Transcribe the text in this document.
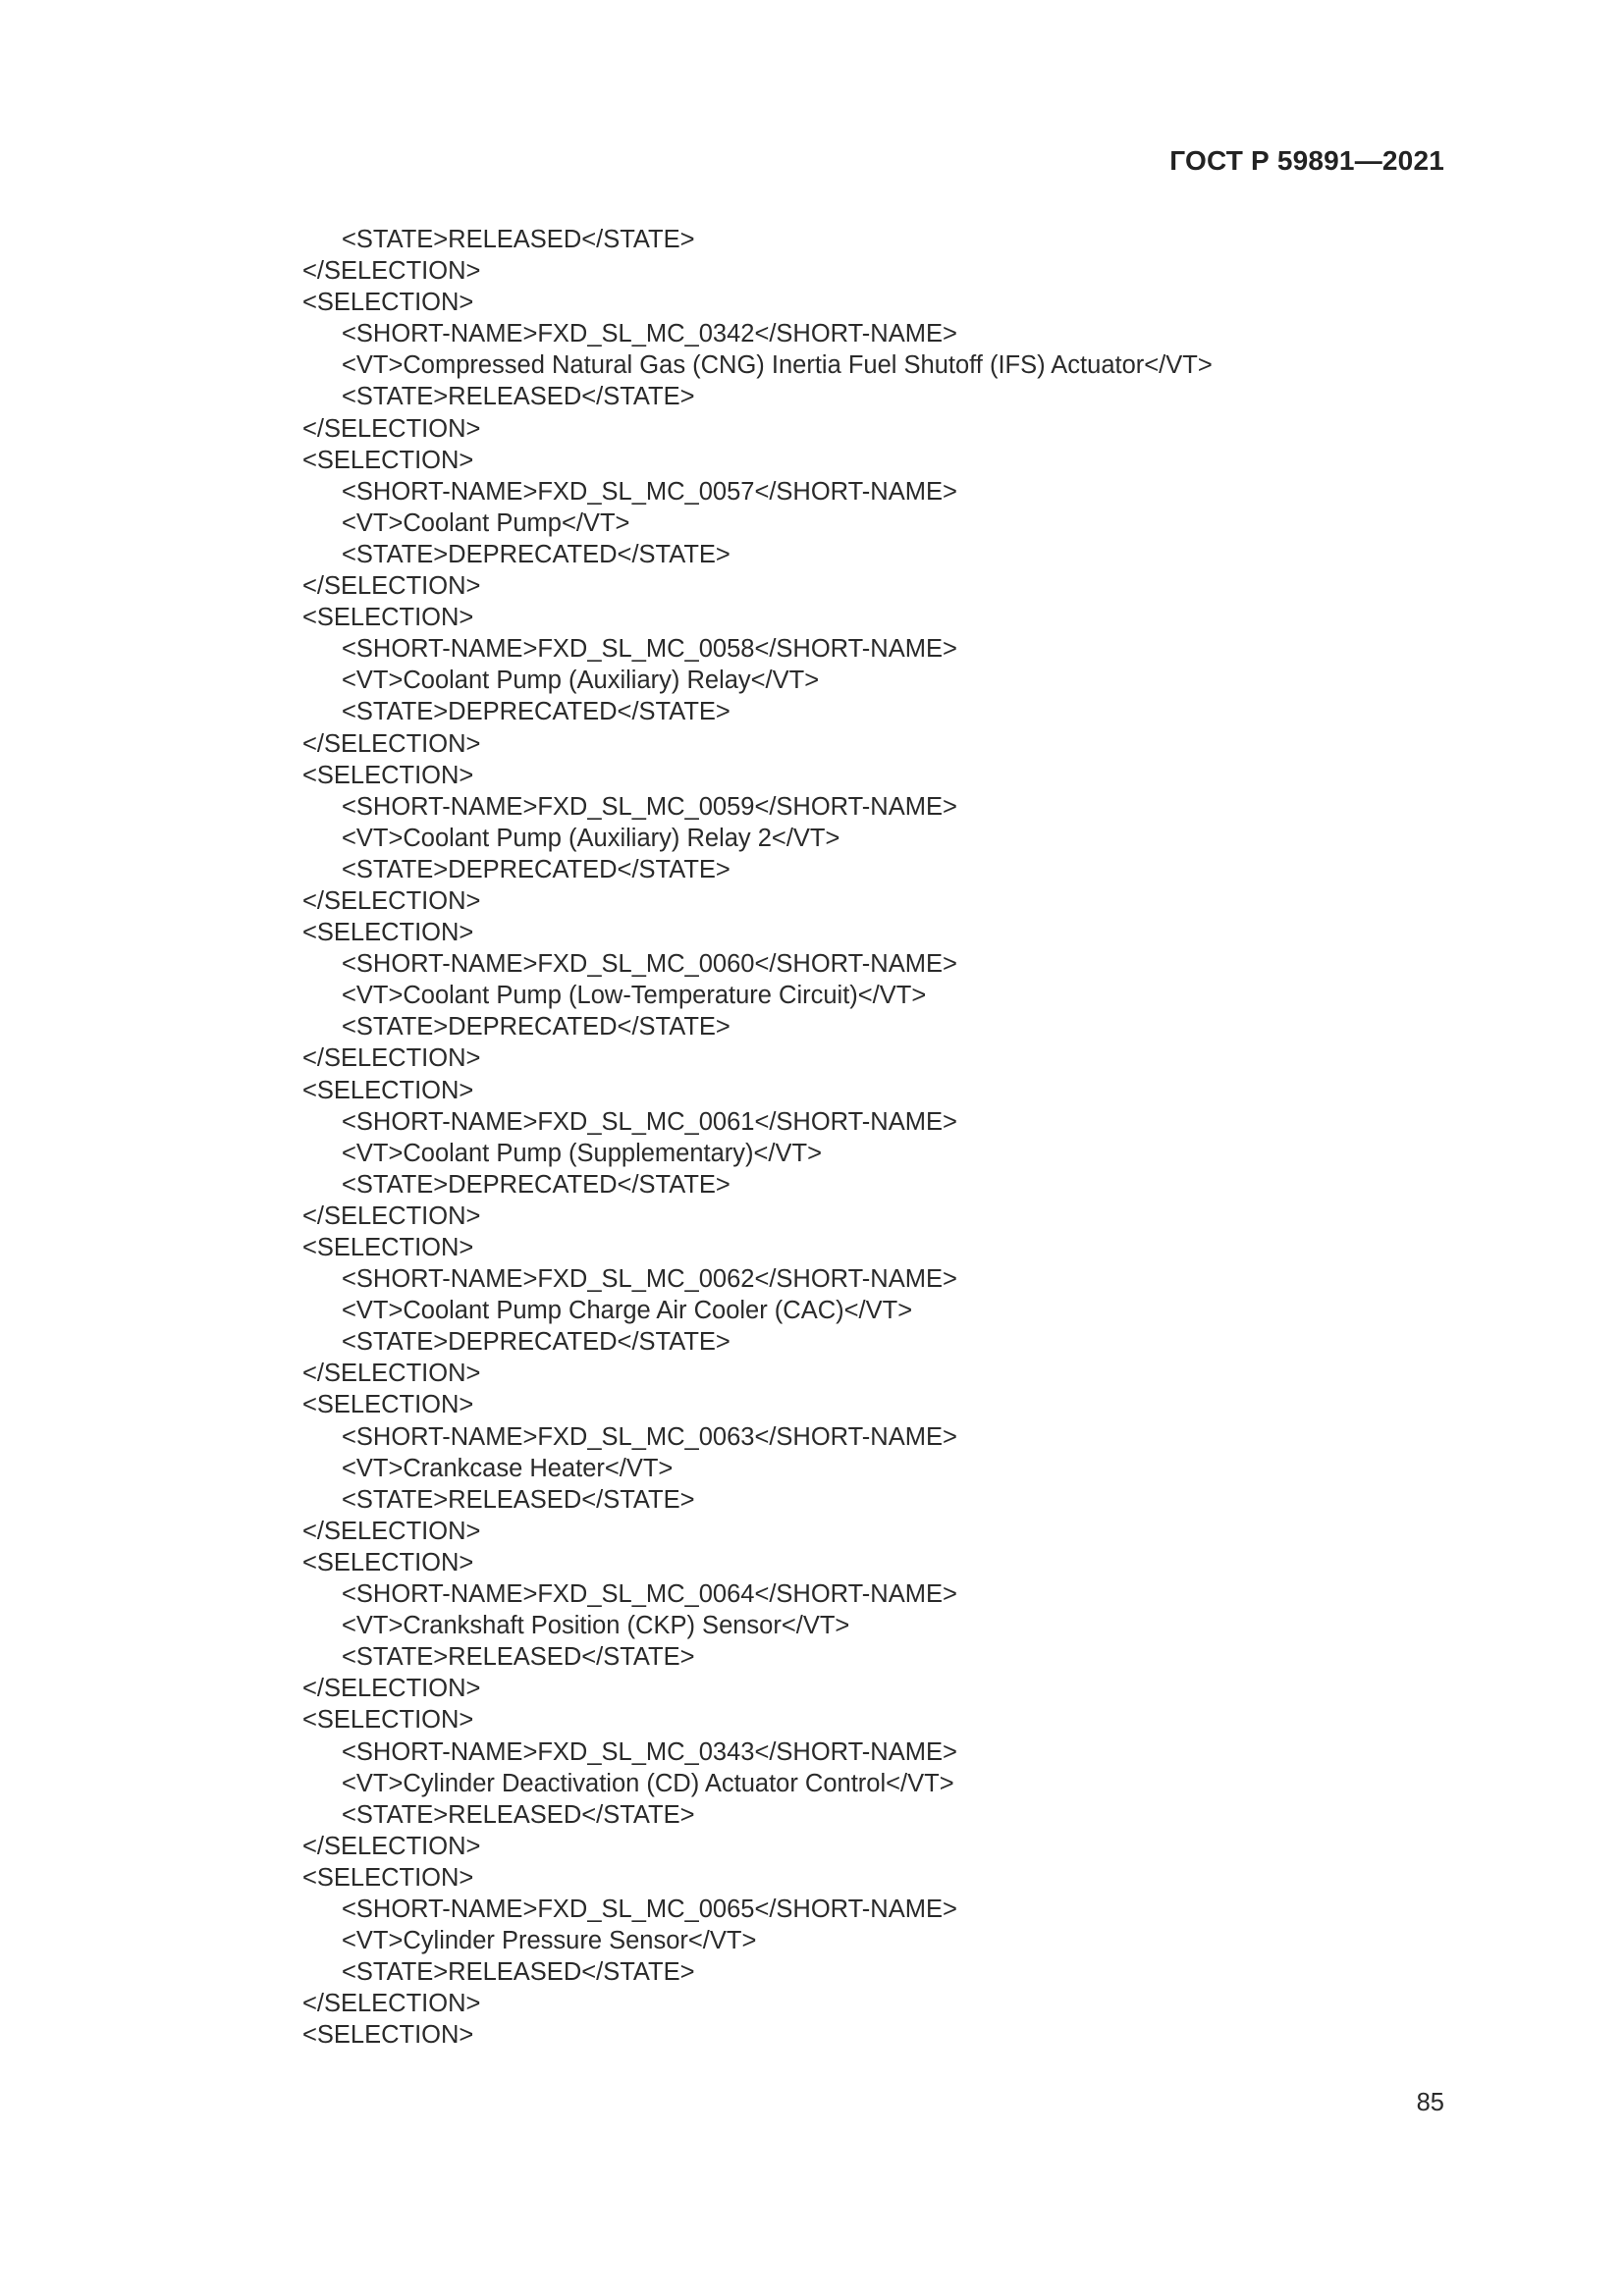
ГОСТ Р 59891—2021
<STATE>RELEASED</STATE>
</SELECTION>
<SELECTION>
<SHORT-NAME>FXD_SL_MC_0342</SHORT-NAME>
<VT>Compressed Natural Gas (CNG) Inertia Fuel Shutoff (IFS) Actuator</VT>
<STATE>RELEASED</STATE>
</SELECTION>
<SELECTION>
<SHORT-NAME>FXD_SL_MC_0057</SHORT-NAME>
<VT>Coolant Pump</VT>
<STATE>DEPRECATED</STATE>
</SELECTION>
<SELECTION>
<SHORT-NAME>FXD_SL_MC_0058</SHORT-NAME>
<VT>Coolant Pump (Auxiliary) Relay</VT>
<STATE>DEPRECATED</STATE>
</SELECTION>
<SELECTION>
<SHORT-NAME>FXD_SL_MC_0059</SHORT-NAME>
<VT>Coolant Pump (Auxiliary) Relay 2</VT>
<STATE>DEPRECATED</STATE>
</SELECTION>
<SELECTION>
<SHORT-NAME>FXD_SL_MC_0060</SHORT-NAME>
<VT>Coolant Pump (Low-Temperature Circuit)</VT>
<STATE>DEPRECATED</STATE>
</SELECTION>
<SELECTION>
<SHORT-NAME>FXD_SL_MC_0061</SHORT-NAME>
<VT>Coolant Pump (Supplementary)</VT>
<STATE>DEPRECATED</STATE>
</SELECTION>
<SELECTION>
<SHORT-NAME>FXD_SL_MC_0062</SHORT-NAME>
<VT>Coolant Pump Charge Air Cooler (CAC)</VT>
<STATE>DEPRECATED</STATE>
</SELECTION>
<SELECTION>
<SHORT-NAME>FXD_SL_MC_0063</SHORT-NAME>
<VT>Crankcase Heater</VT>
<STATE>RELEASED</STATE>
</SELECTION>
<SELECTION>
<SHORT-NAME>FXD_SL_MC_0064</SHORT-NAME>
<VT>Crankshaft Position (CKP) Sensor</VT>
<STATE>RELEASED</STATE>
</SELECTION>
<SELECTION>
<SHORT-NAME>FXD_SL_MC_0343</SHORT-NAME>
<VT>Cylinder Deactivation (CD) Actuator Control</VT>
<STATE>RELEASED</STATE>
</SELECTION>
<SELECTION>
<SHORT-NAME>FXD_SL_MC_0065</SHORT-NAME>
<VT>Cylinder Pressure Sensor</VT>
<STATE>RELEASED</STATE>
</SELECTION>
<SELECTION>
85
